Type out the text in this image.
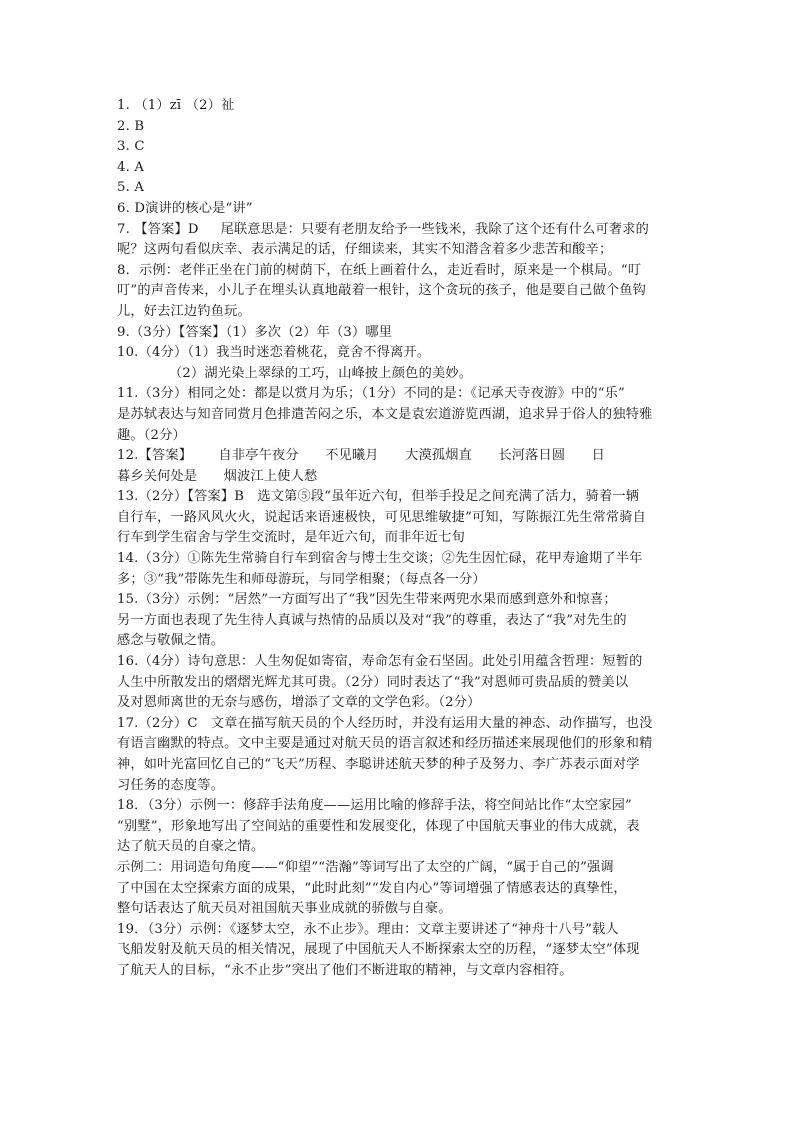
1. （1）zī （2）祉
2. B
3. C
4. A
5. A
6. D演讲的核心是“讲”
7. 【答案】D     尾联意思是：只要有老朋友给予一些钱米，我除了这个还有什么可奢求的
呢？这两句看似庆幸、表示满足的话，仔细读来，其实不知潜含着多少悲苦和酸辛；
8．示例：老伴正坐在门前的树荫下，在纸上画着什么，走近看时，原来是一个棋局。“叮
叮”的声音传来，小儿子在埋头认真地敲着一根针，这个贪玩的孩子，他是要自己做个鱼钩
儿，好去江边钓鱼玩。
9.（3分）【答案】（1）多次（2）年（3）哪里
10.（4分）（1）我当时迷恋着桃花，竟舍不得离开。
（2）湖光染上翠绿的工巧，山峰披上颜色的美妙。
11.（3分）相同之处：都是以赏月为乐；（1分）不同的是：《记承天寺夜游》中的“乐”
是苏轼表达与知音同赏月色排遣苦闷之乐，本文是袁宏道游览西湖，追求异于俗人的独特雅
趣。（2分）
12.【答案】      自非亭午夜分      不见曦月      大漠孤烟直      长河落日圆      日
暮乡关何处是      烟波江上使人愁
13.（2分）【答案】B   选文第⑤段“虽年近六旬，但举手投足之间充满了活力，骑着一辆
自行车，一路风风火火，说起话来语速极快，可见思维敏捷”可知，写陈振江先生常常骑自
行车到学生宿舍与学生交流时，是年近六旬，而非年近七旬
14.（3分）①陈先生常骑自行车到宿舍与博士生交谈；②先生因忙碌，花甲寿逾期了半年
多；③“我”带陈先生和师母游玩，与同学相聚；（每点各一分）
15.（3分）示例：“居然”一方面写出了“我”因先生带来两兜水果而感到意外和惊喜；
另一方面也表现了先生待人真诚与热情的品质以及对“我”的尊重，表达了“我”对先生的
感念与敬佩之情。
16.（4分）诗句意思：人生匆促如寄宿，寿命怎有金石坚固。此处引用蕴含哲理：短暂的
人生中所散发出的熠熠光辉尤其可贵。（2分）同时表达了“我”对恩师可贵品质的赞美以
及对恩师离世的无奈与感伤，增添了文章的文学色彩。（2分）
17.（2分）C   文章在描写航天员的个人经历时，并没有运用大量的神态、动作描写，也没
有语言幽默的特点。文中主要是通过对航天员的语言叙述和经历描述来展现他们的形象和精
神，如叶光富回忆自己的“飞天”历程、李聪讲述航天梦的种子及努力、李广苏表示面对学
习任务的态度等。
18．（3分）示例一：修辞手法角度——运用比喻的修辞手法，将空间站比作“太空家园”
“别墅”，形象地写出了空间站的重要性和发展变化，体现了中国航天事业的伟大成就，表
达了航天员的自豪之情。
示例二：用词造句角度——“仰望”“浩瀚”等词写出了太空的广阔，“属于自己的”强调
了中国在太空探索方面的成果，“此时此刻”“发自内心”等词增强了情感表达的真挚性，
整句话表达了航天员对祖国航天事业成就的骄傲与自豪。
19．（3分）示例：《逐梦太空，永不止步》。理由：文章主要讲述了“神舟十八号”载人
飞船发射及航天员的相关情况，展现了中国航天人不断探索太空的历程，“逐梦太空”体现
了航天人的目标，“永不止步”突出了他们不断进取的精神，与文章内容相符。
